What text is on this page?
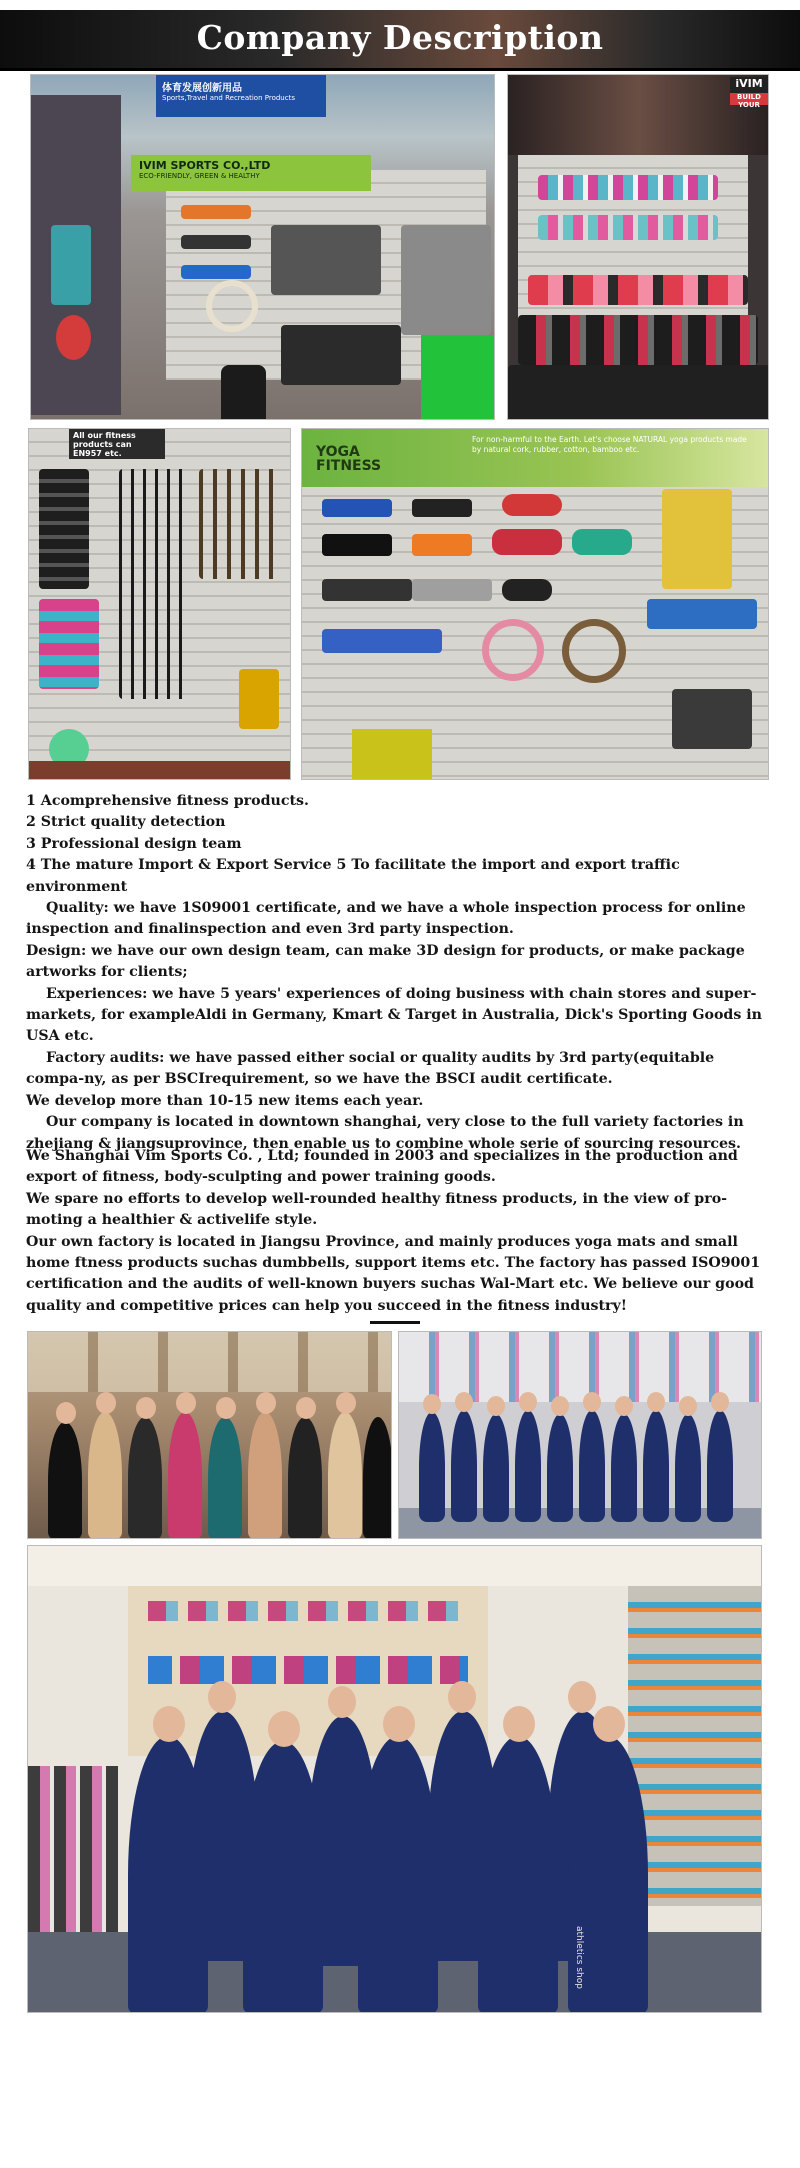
Company Description
体育发展创新用品
Sports,Travel and Recreation Products
IVIM SPORTS CO.,LTD
ECO-FRIENDLY, GREEN & HEALTHY
iVIM
BUILD YOUR
All our fitness products can EN957 etc.	YOGA FITNESS
For non-harmful to the Earth. Let's choose NATURAL yoga products made by natural cork, rubber, cotton, bamboo etc.

1 Acomprehensive fitness products.

2 Strict quality detection

3 Professional design team

4 The mature Import & Export Service 5 To facilitate the import and export traffic environment

Quality: we have 1S09001 certificate, and we have a whole inspection process for online inspection and finalinspection and even 3rd party inspection.

Design: we have our own design team, can make 3D design for products, or make package artworks for clients;

Experiences: we have 5 years' experiences of doing business with chain stores and super-markets, for exampleAldi in Germany, Kmart & Target in Australia, Dick's Sporting Goods in USA etc.

Factory audits: we have passed either social or quality audits by 3rd party(equitable compa-ny, as per BSCIrequirement, so we have the BSCI audit certificate.

We develop more than 10-15 new items each year.

Our company is located in downtown shanghai, very close to the full variety factories in zhejiang & jiangsuprovince, then enable us to combine whole serie of sourcing resources.

We Shanghai Vim Sports Co. , Ltd; founded in 2003 and specializes in the production and export of fitness, body-sculpting and power training goods.

We spare no efforts to develop well-rounded healthy fitness products, in the view of pro-moting a healthier & activelife style.

Our own factory is located in Jiangsu Province, and mainly produces yoga mats and small home ftness products suchas dumbbells, support items etc. The factory has passed ISO9001 certification and the audits of well-known buyers suchas Wal-Mart etc. We believe our good quality and competitive prices can help you succeed in the fitness industry!

athletics shop
